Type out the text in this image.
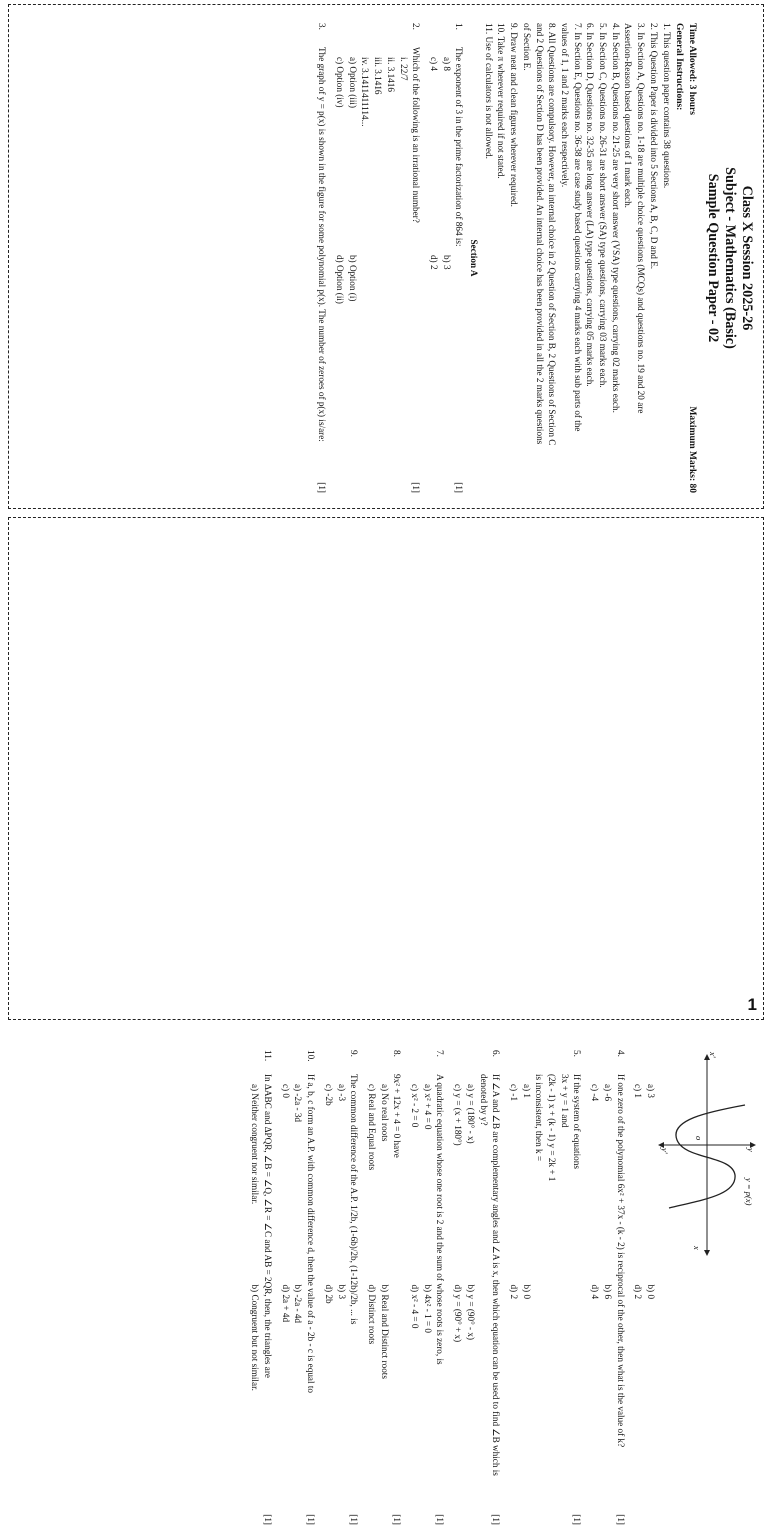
Class X Session 2025-26
Subject - Mathematics (Basic)
Sample Question Paper - 02
Time Allowed: 3 hours
Maximum Marks: 80
General Instructions:

1. This question paper contains 38 questions.

2. This Question Paper is divided into 5 Sections A, B, C, D and E.

3. In Section A, Questions no. 1-18 are multiple choice questions (MCQs) and questions no. 19 and 20 are

Assertion-Reason based questions of 1 mark each.

4. In Section B, Questions no. 21-25 are very short answer (VSA) type questions, carrying 02 marks each.

5. In Section C, Questions no. 26-31 are short answer (SA) type questions, carrying 03 marks each.

6. In Section D, Questions no. 32-35 are long answer (LA) type questions, carrying 05 marks each.

7. In Section E, Questions no. 36-38 are case study based questions carrying 4 marks each with sub parts of the

values of 1, 1 and 2 marks each respectively.

8. All Questions are compulsory. However, an internal choice in 2 Question of Section B, 2 Questions of Section C

and 2 Questions of Section D has been provided. An internal choice has been provided in all the 2 marks questions

of Section E.

9. Draw neat and clean figures wherever required.

10. Take π wherever required if not stated.

11. Use of calculators is not allowed.

Section A
1.
The exponent of 3 in the prime factorization of 864 is:
[1]
a) 8
b) 3
c) 4
d) 2
2.
Which of the following is an irrational number?
[1]
i. 22/7
ii. 3.1416
iii. 3.1416
iv. 3.1411411114...
a) Option (iii)
b) Option (i)
c) Option (iv)
d) Option (ii)
3.
The graph of y = p(x) is shown in the figure for some polynomial p(x). The number of zeroes of p(x) is/are:
[1]
y
x
x'
y'
o
y = p(x)
a) 3
b) 0
c) 1
d) 2
4.
If one zero of the polynomial 6x² + 37x - (k - 2) is reciprocal of the other, then what is the value of k?
[1]
a) -6
b) 6
c) -4
d) 4
5.
If the system of equations
3x + y = 1 and
(2k - 1) x + (k - 1) y = 2k + 1
is inconsistent, then k =
[1]
a) 1
b) 0
c) -1
d) 2
6.
If ∠A and ∠B are complementary angles and ∠A is x, then which equation can be used to find ∠B which is denoted by y?
[1]
a) y = (180° - x)
b) y = (90° - x)
c) y = (x + 180°)
d) y = (90° + x)
7.
A quadratic equation whose one root is 2 and the sum of whose roots is zero, is
[1]
a) x² + 4 = 0
b) 4x² - 1 = 0
c) x² - 2 = 0
d) x² - 4 = 0
8.
9x² + 12x + 4 = 0 have
[1]
a) No real roots
b) Real and Distinct roots
c) Real and Equal roots
d) Distinct roots
9.
The common difference of the A.P. 1/2b, (1-6b)/2b, (1-12b)/2b, ... is
[1]
a) -3
b) 3
c) -2b
d) 2b
10.
If a, b, c form an A.P. with common difference d, then the value of a - 2b - c is equal to
[1]
a) -2a - 3d
b) -2a - 4d
c) 0
d) 2a + 4d
11.
In ΔABC and ΔPQR, ∠B = ∠Q, ∠R = ∠C and AB = 2QR, then, the triangles are
[1]
a) Neither congruent nor similar.
b) Congruent but not similar.
1
